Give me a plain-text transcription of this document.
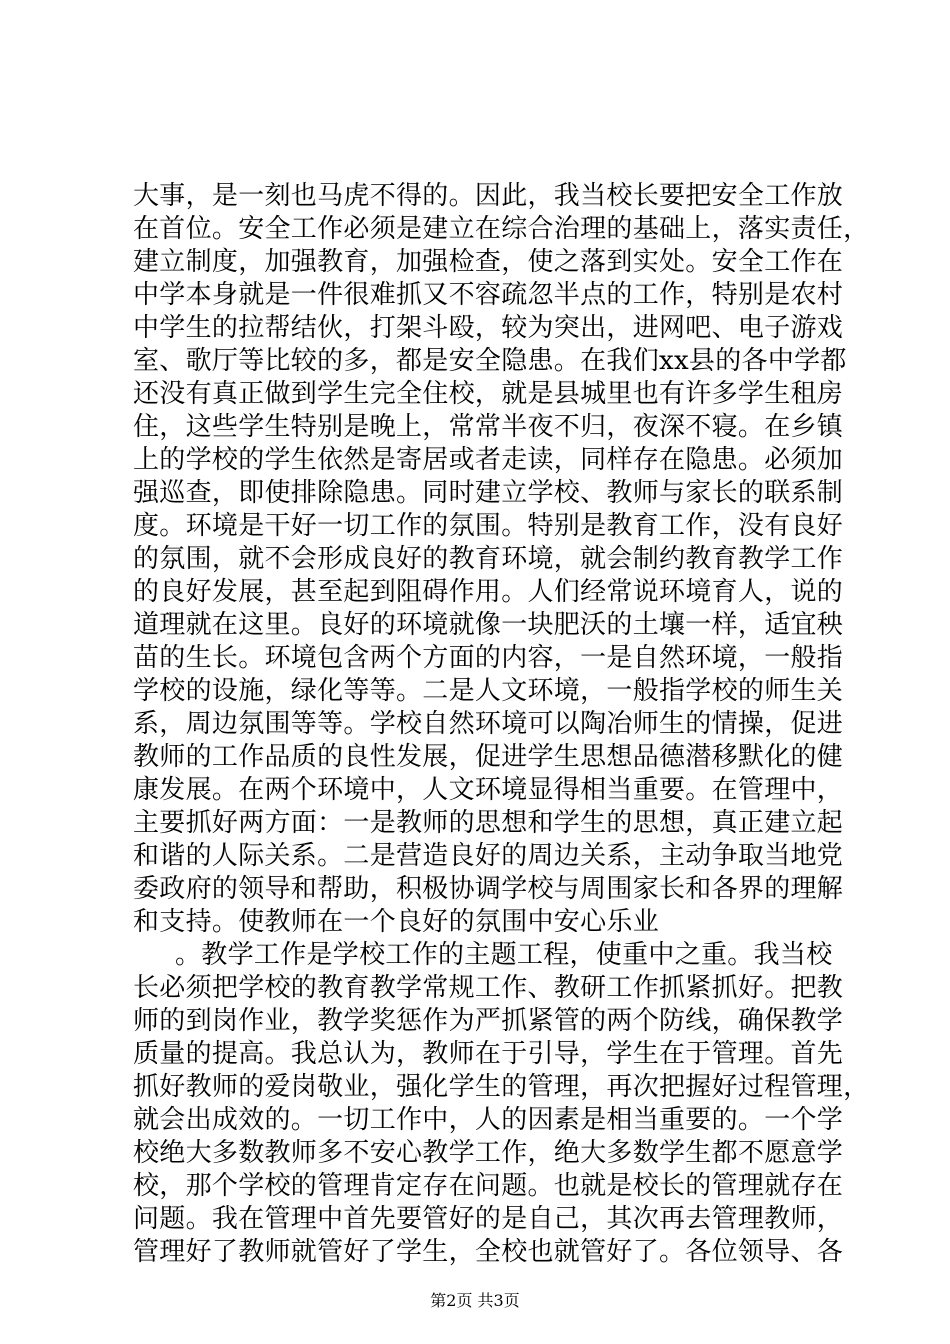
大事，是一刻也马虎不得的。因此，我当校长要把安全工作放
在首位。安全工作必须是建立在综合治理的基础上，落实责任，
建立制度，加强教育，加强检查，使之落到实处。安全工作在
中学本身就是一件很难抓又不容疏忽半点的工作，特别是农村
中学生的拉帮结伙，打架斗殴，较为突出，进网吧、电子游戏
室、歌厅等比较的多，都是安全隐患。在我们xx县的各中学都
还没有真正做到学生完全住校，就是县城里也有许多学生租房
住，这些学生特别是晚上，常常半夜不归，夜深不寝。在乡镇
上的学校的学生依然是寄居或者走读，同样存在隐患。必须加
强巡查，即使排除隐患。同时建立学校、教师与家长的联系制
度。环境是干好一切工作的氛围。特别是教育工作，没有良好
的氛围，就不会形成良好的教育环境，就会制约教育教学工作
的良好发展，甚至起到阻碍作用。人们经常说环境育人，说的
道理就在这里。良好的环境就像一块肥沃的土壤一样，适宜秧
苗的生长。环境包含两个方面的内容，一是自然环境，一般指
学校的设施，绿化等等。二是人文环境，一般指学校的师生关
系，周边氛围等等。学校自然环境可以陶冶师生的情操，促进
教师的工作品质的良性发展，促进学生思想品德潜移默化的健
康发展。在两个环境中，人文环境显得相当重要。在管理中，
主要抓好两方面：一是教师的思想和学生的思想，真正建立起
和谐的人际关系。二是营造良好的周边关系，主动争取当地党
委政府的领导和帮助，积极协调学校与周围家长和各界的理解
和支持。使教师在一个良好的氛围中安心乐业
。教学工作是学校工作的主题工程，使重中之重。我当校
长必须把学校的教育教学常规工作、教研工作抓紧抓好。把教
师的到岗作业，教学奖惩作为严抓紧管的两个防线，确保教学
质量的提高。我总认为，教师在于引导，学生在于管理。首先
抓好教师的爱岗敬业，强化学生的管理，再次把握好过程管理，
就会出成效的。一切工作中，人的因素是相当重要的。一个学
校绝大多数教师多不安心教学工作，绝大多数学生都不愿意学
校，那个学校的管理肯定存在问题。也就是校长的管理就存在
问题。我在管理中首先要管好的是自己，其次再去管理教师，
管理好了教师就管好了学生，全校也就管好了。各位领导、各
第2页 共3页
